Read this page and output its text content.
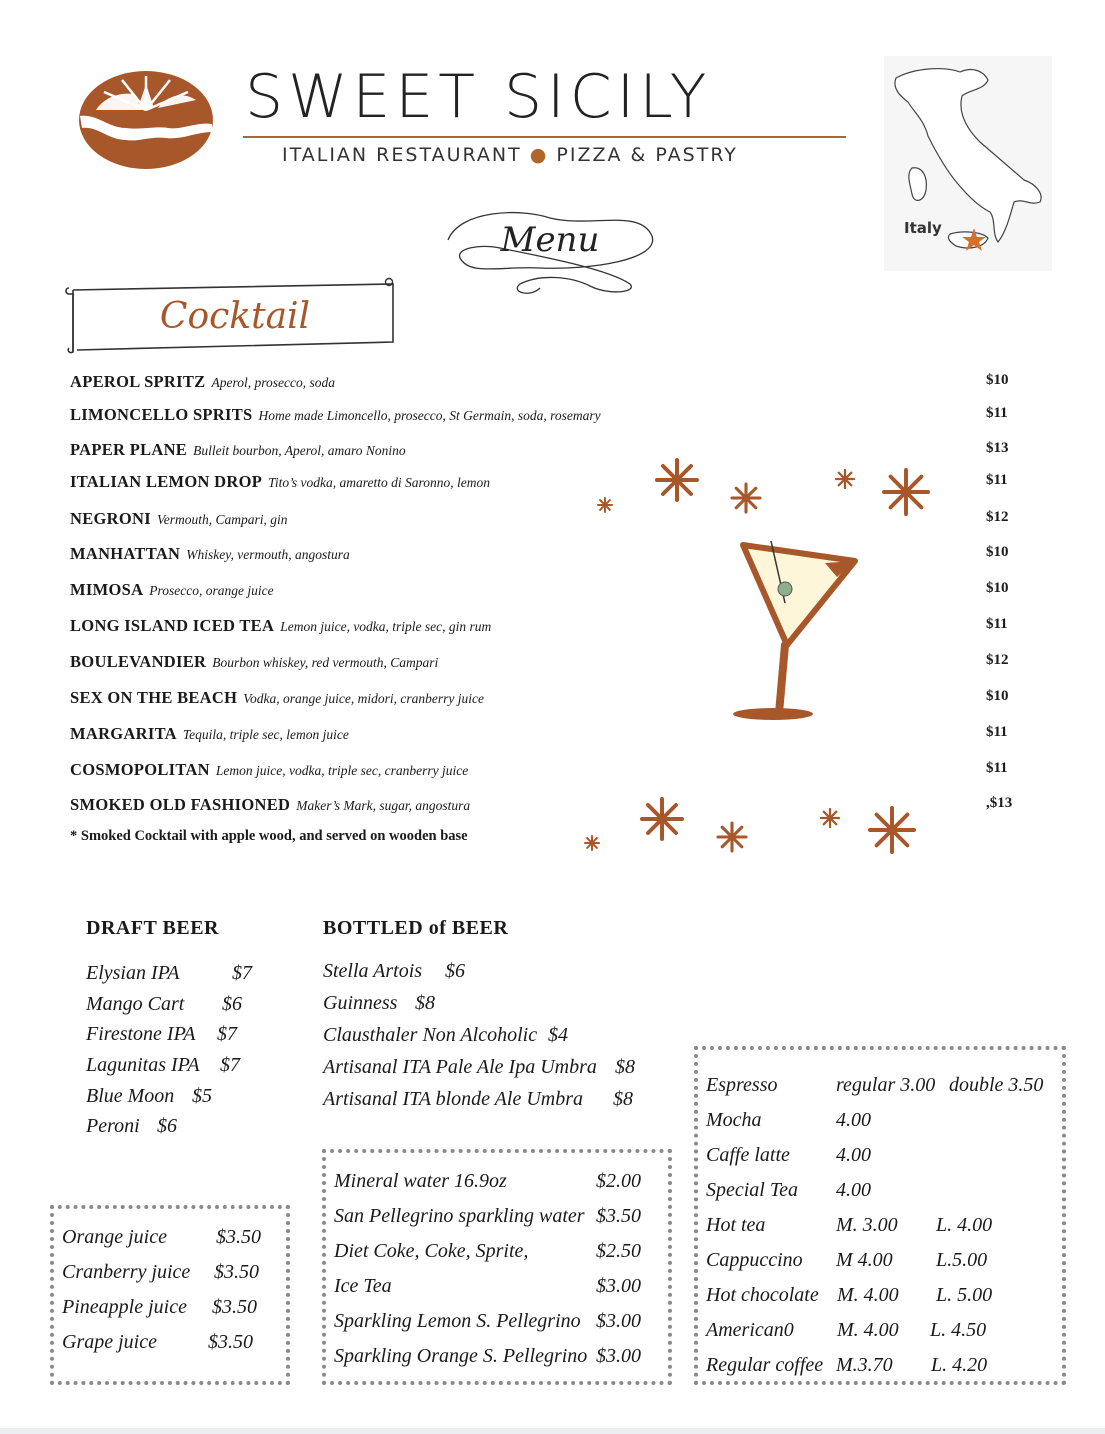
SWEET SICILY
ITALIAN RESTAURANT ● PIZZA & PASTRY
Menu	Italy
Cocktail
APEROL SPRITZ Aperol, prosecco, soda	$10
LIMONCELLO SPRITS Home made Limoncello, prosecco, St Germain, soda, rosemary	$11
PAPER PLANE Bulleit bourbon, Aperol, amaro Nonino	$13
ITALIAN LEMON DROP Tito’s vodka, amaretto di Saronno, lemon	$11
NEGRONI Vermouth, Campari, gin	$12
MANHATTAN Whiskey, vermouth, angostura	$10
MIMOSA Prosecco, orange juice	$10
LONG ISLAND ICED TEA Lemon juice, vodka, triple sec, gin rum	$11
BOULEVANDIER Bourbon whiskey, red vermouth, Campari	$12
SEX ON THE BEACH Vodka, orange juice, midori, cranberry juice	$10
MARGARITA Tequila, triple sec, lemon juice	$11
COSMOPOLITAN Lemon juice, vodka, triple sec, cranberry juice	$11
SMOKED OLD FASHIONED Maker’s Mark, sugar, angostura	,$13
* Smoked Cocktail with apple wood, and served on wooden base
DRAFT BEER
Elysian IPA	$7
Mango Cart $6
Firestone IPA $7
Lagunitas IPA $7
Blue Moon $5
Peroni $6
BOTTLED of BEER
Stella Artois $6
Guinness $8
Clausthaler Non Alcoholic $4
Artisanal ITA Pale Ale Ipa Umbra $8
Artisanal ITA blonde Ale Umbra $8
Orange juice $3.50
Cranberry juice $3.50
Pineapple juice $3.50
Grape juice	$3.50
Mineral water 16.9oz	$2.00
San Pellegrino sparkling water $3.50
Diet Coke, Coke, Sprite,	$2.50
Ice Tea	$3.00
Sparkling Lemon S. Pellegrino $3.00
Sparkling Orange S. Pellegrino $3.00
Espresso	regular 3.00 double 3.50
Mocha	4.00
Caffe latte 4.00
Special Tea 4.00
Hot tea	M. 3.00 L. 4.00
Cappuccino M 4.00 L.5.00
Hot chocolate M. 4.00 L. 5.00
American0 M. 4.00 L. 4.50
Regular coffee M.3.70 L. 4.20
